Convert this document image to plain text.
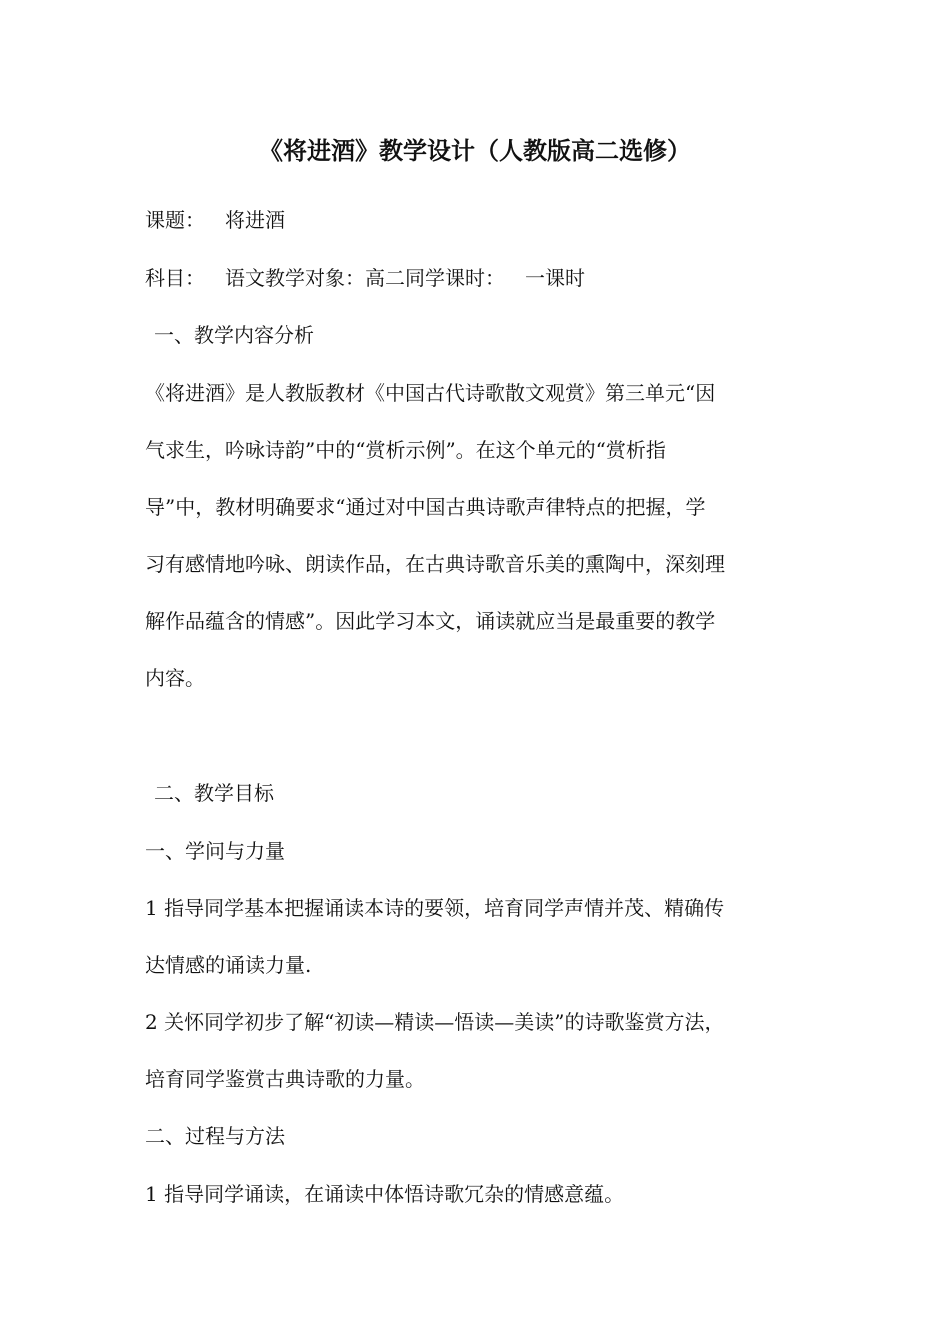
《将进酒》教学设计（人教版高二选修）
课题： 将进酒
科目： 语文教学对象：高二同学课时： 一课时
一、教学内容分析
《将进酒》是人教版教材《中国古代诗歌散文观赏》第三单元“因
气求生，吟咏诗韵”中的“赏析示例”。在这个单元的“赏析指
导”中，教材明确要求“通过对中国古典诗歌声律特点的把握，学
习有感情地吟咏、朗读作品，在古典诗歌音乐美的熏陶中，深刻理
解作品蕴含的情感”。因此学习本文，诵读就应当是最重要的教学
内容。
二、教学目标
一、学问与力量
1 指导同学基本把握诵读本诗的要领，培育同学声情并茂、精确传
达情感的诵读力量.
2 关怀同学初步了解“初读—精读—悟读—美读”的诗歌鉴赏方法，
培育同学鉴赏古典诗歌的力量。
二、过程与方法
1 指导同学诵读，在诵读中体悟诗歌冗杂的情感意蕴。
